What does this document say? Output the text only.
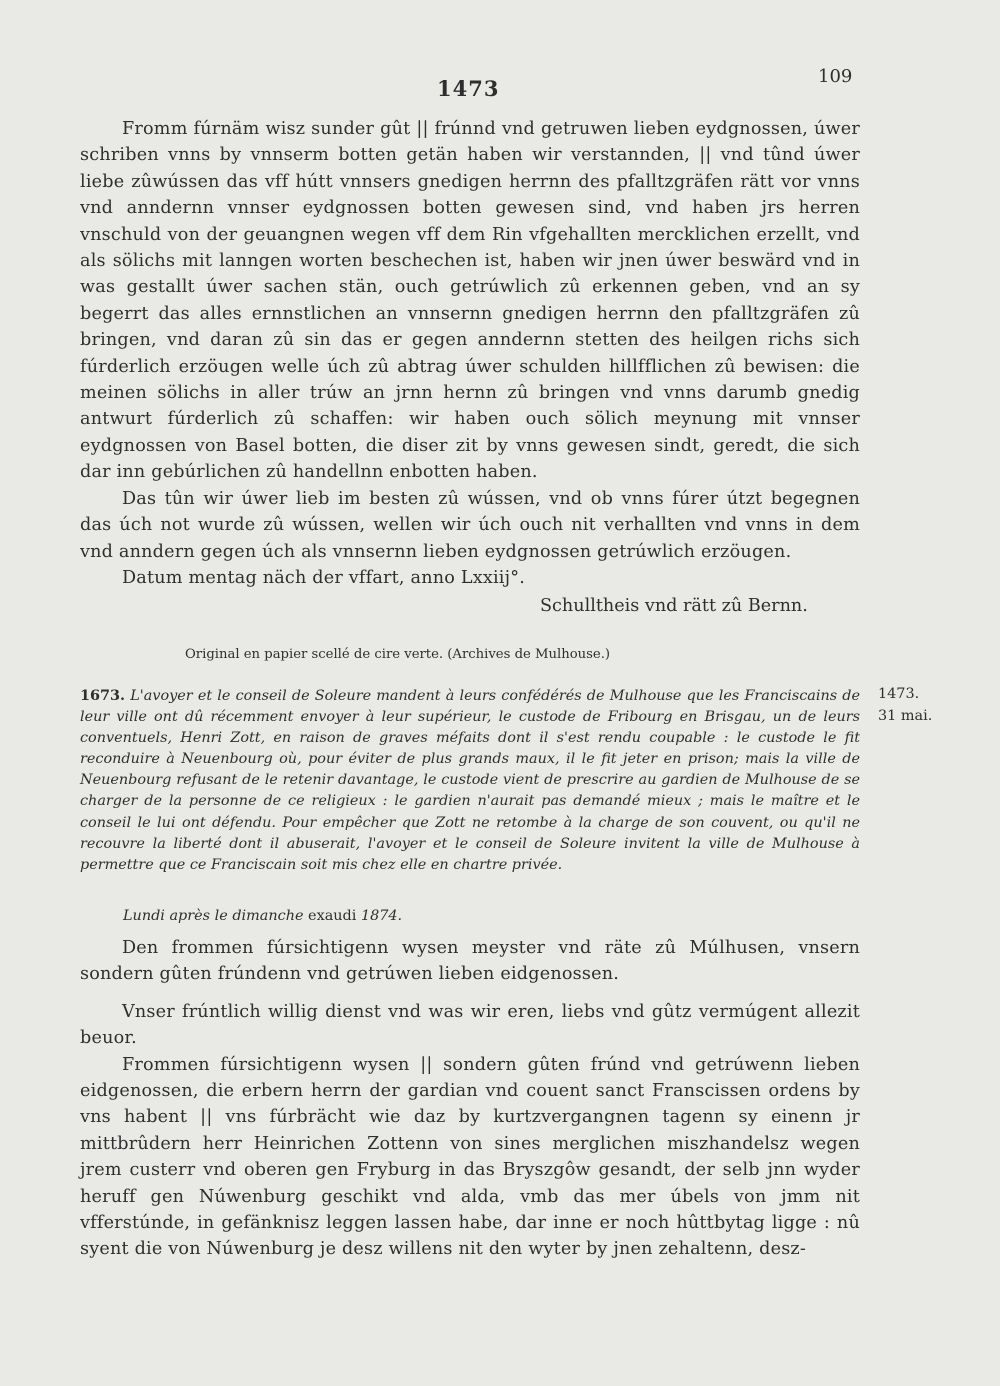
1473	109

Fromm fúrnäm wisz sunder gût || frúnnd vnd getruwen lieben eydgnossen, úwer schriben vnns by vnnserm botten getän haben wir verstannden, || vnd tûnd úwer liebe zûwússen das vff hútt vnnsers gnedigen herrnn des pfalltzgräfen rätt vor vnns vnd anndernn vnnser eydgnossen botten gewesen sind, vnd haben jrs herren vnschuld von der geuangnen wegen vff dem Rin vfgehallten mercklichen erzellt, vnd als sölichs mit lanngen worten beschechen ist, haben wir jnen úwer beswärd vnd in was gestallt úwer sachen stän, ouch getrúwlich zû erkennen geben, vnd an sy begerrt das alles ernnstlichen an vnnsernn gnedigen herrnn den pfalltzgräfen zû bringen, vnd daran zû sin das er gegen anndernn stetten des heilgen richs sich fúrderlich erzöugen welle úch zû abtrag úwer schulden hillfflichen zû bewisen: die meinen sölichs in aller trúw an jrnn hernn zû bringen vnd vnns darumb gnedig antwurt fúrderlich zû schaffen: wir haben ouch sölich meynung mit vnnser eydgnossen von Basel botten, die diser zit by vnns gewesen sindt, geredt, die sich dar inn gebúrlichen zû handellnn enbotten haben.

Das tûn wir úwer lieb im besten zû wússen, vnd ob vnns fúrer útzt begegnen das úch not wurde zû wússen, wellen wir úch ouch nit verhallten vnd vnns in dem vnd anndern gegen úch als vnnsernn lieben eydgnossen getrúwlich erzöugen.

Datum mentag näch der vffart, anno Lxxiij°.

Schulltheis vnd rätt zû Bernn.
Original en papier scellé de cire verte. (Archives de Mulhouse.)
1673. L'avoyer et le conseil de Soleure mandent à leurs confédérés de Mulhouse que les Franciscains de leur ville ont dû récemment envoyer à leur supérieur, le custode de Fribourg en Brisgau, un de leurs conventuels, Henri Zott, en raison de graves méfaits dont il s'est rendu coupable : le custode le fit reconduire à Neuenbourg où, pour éviter de plus grands maux, il le fit jeter en prison; mais la ville de Neuenbourg refusant de le retenir davantage, le custode vient de prescrire au gardien de Mulhouse de se charger de la personne de ce religieux : le gardien n'aurait pas demandé mieux ; mais le maître et le conseil le lui ont défendu. Pour empêcher que Zott ne retombe à la charge de son couvent, ou qu'il ne recouvre la liberté dont il abuserait, l'avoyer et le conseil de Soleure invitent la ville de Mulhouse à permettre que ce Franciscain soit mis chez elle en chartre privée.
1473.
31 mai.
Lundi après le dimanche exaudi 1874.

Den frommen fúrsichtigenn wysen meyster vnd räte zû Múlhusen, vnsern sondern gûten frúndenn vnd getrúwen lieben eidgenossen.

Vnser frúntlich willig dienst vnd was wir eren, liebs vnd gûtz vermúgent allezit beuor.

Frommen fúrsichtigenn wysen || sondern gûten frúnd vnd getrúwenn lieben eidgenossen, die erbern herrn der gardian vnd couent sanct Franscissen ordens by vns habent || vns fúrbrächt wie daz by kurtzvergangnen tagenn sy einenn jr mittbrûdern herr Heinrichen Zottenn von sines merglichen miszhandelsz wegen jrem custerr vnd oberen gen Fryburg in das Bryszgôw gesandt, der selb jnn wyder heruff gen Núwenburg geschikt vnd alda, vmb das mer úbels von jmm nit vfferstúnde, in gefänknisz leggen lassen habe, dar inne er noch hûttbytag ligge : nû syent die von Núwenburg je desz willens nit den wyter by jnen zehaltenn, desz-
